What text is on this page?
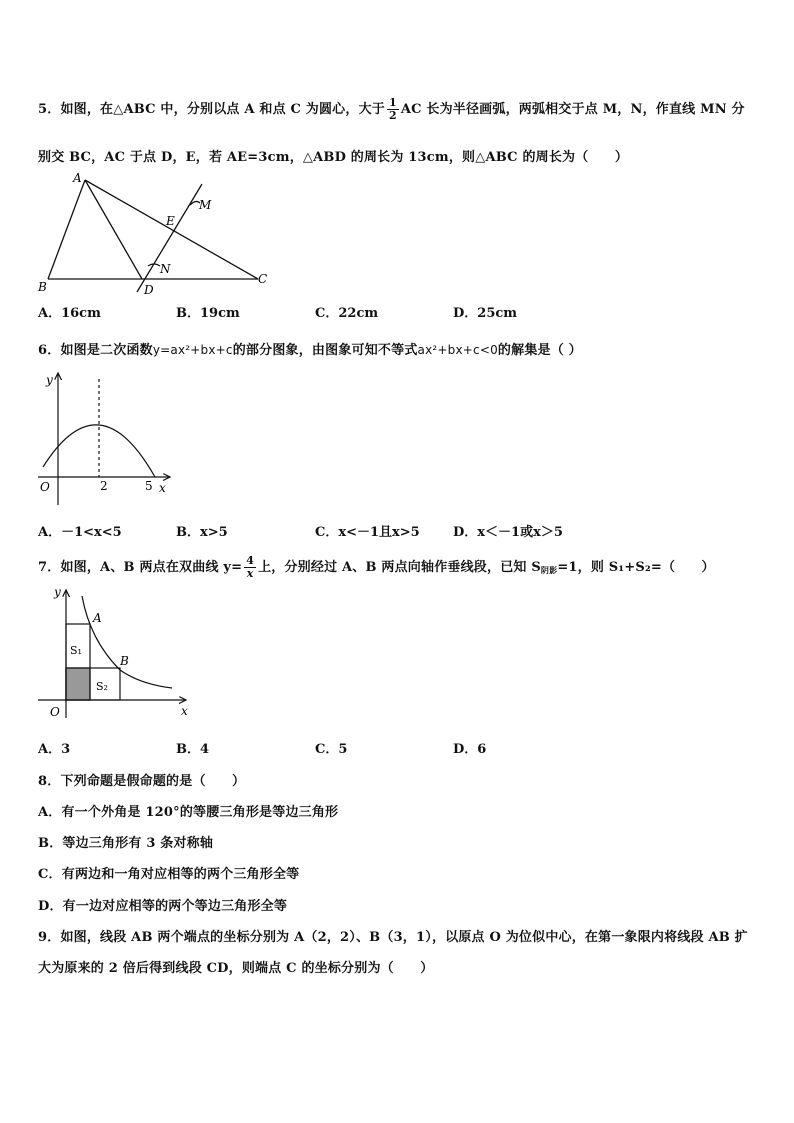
5．如图，在△ABC 中，分别以点 A 和点 C 为圆心，大于 $\frac{1}{2}$ AC 长为半径画弧，两弧相交于点 M，N，作直线 MN 分
别交 BC，AC 于点 D，E，若 AE=3cm，△ABD 的周长为 13cm，则△ABC 的周长为（　　）
A
B
C
D
E
M
N
A．16cm	B．19cm	C．22cm	D．25cm
6．如图是二次函数y=ax²+bx+c的部分图象，由图象可知不等式ax²+bx+c<0的解集是（ ）
y
O	x
2	5
A．－1<x<5	B．x>5	C．x<－1且x>5	D．x＜－1或x＞5
7．如图，A、B 两点在双曲线 $y= \frac{4}{x}$ 上，分别经过 A、B 两点向轴作垂线段，已知 $S_{阴影}=1$，则 S₁+S₂=（　　）
y
A
B
S₁
S₂
O	x
A．3	B．4	C．5	D．6
8．下列命题是假命题的是（　　）
A．有一个外角是 120°的等腰三角形是等边三角形
B．等边三角形有 3 条对称轴
C．有两边和一角对应相等的两个三角形全等
D．有一边对应相等的两个等边三角形全等
9．如图，线段 AB 两个端点的坐标分别为 A（2，2）、B（3，1），以原点 O 为位似中心，在第一象限内将线段 AB 扩
大为原来的 2 倍后得到线段 CD，则端点 C 的坐标分别为（　　）
